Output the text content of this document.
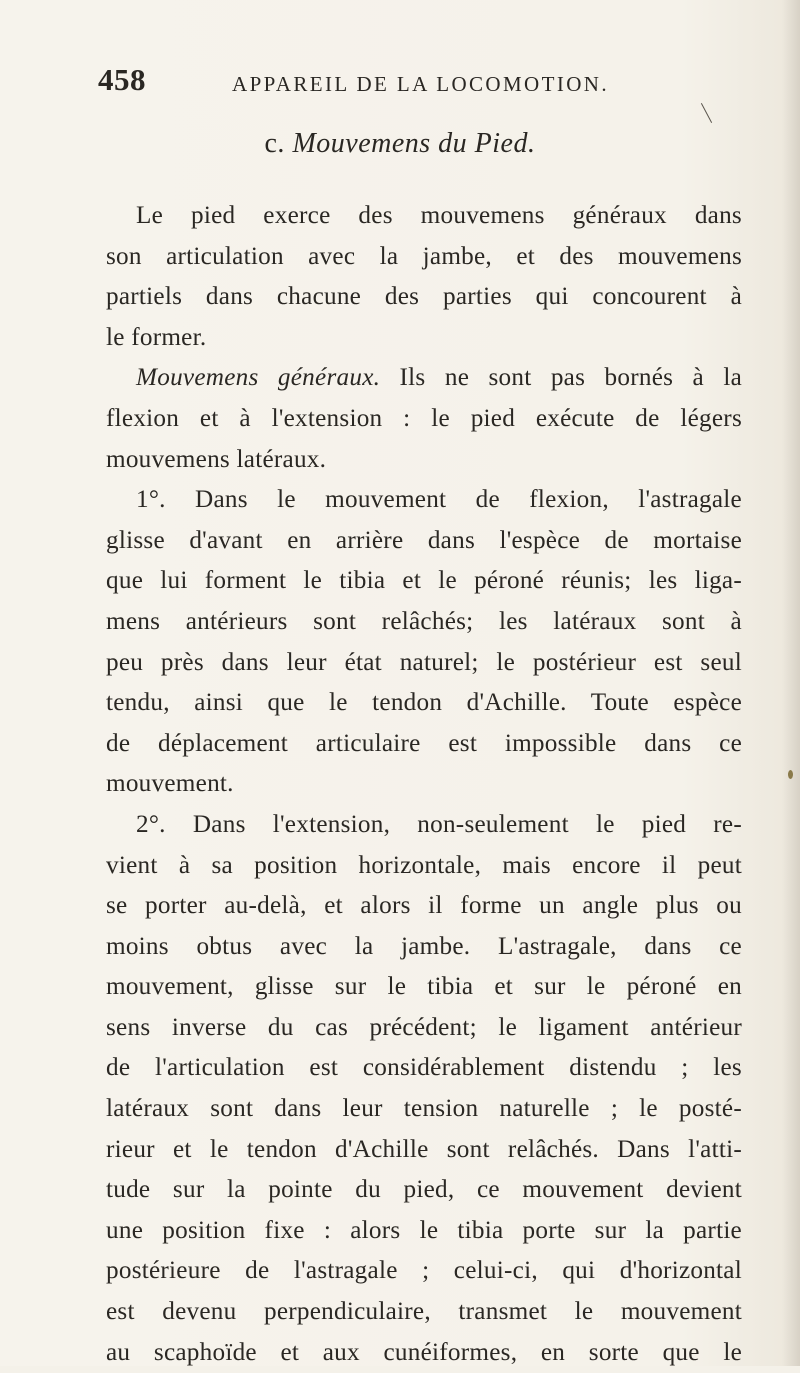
458	APPAREIL DE LA LOCOMOTION.
c. Mouvemens du Pied.
Le pied exerce des mouvemens généraux dans
son articulation avec la jambe, et des mouvemens
partiels dans chacune des parties qui concourent à
le former.
Mouvemens généraux. Ils ne sont pas bornés à la
flexion et à l'extension : le pied exécute de légers
mouvemens latéraux.
1°. Dans le mouvement de flexion, l'astragale
glisse d'avant en arrière dans l'espèce de mortaise
que lui forment le tibia et le péroné réunis; les liga-
mens antérieurs sont relâchés; les latéraux sont à
peu près dans leur état naturel; le postérieur est seul
tendu, ainsi que le tendon d'Achille. Toute espèce
de déplacement articulaire est impossible dans ce
mouvement.
2°. Dans l'extension, non-seulement le pied re-
vient à sa position horizontale, mais encore il peut
se porter au-delà, et alors il forme un angle plus ou
moins obtus avec la jambe. L'astragale, dans ce
mouvement, glisse sur le tibia et sur le péroné en
sens inverse du cas précédent; le ligament antérieur
de l'articulation est considérablement distendu ; les
latéraux sont dans leur tension naturelle ; le posté-
rieur et le tendon d'Achille sont relâchés. Dans l'atti-
tude sur la pointe du pied, ce mouvement devient
une position fixe : alors le tibia porte sur la partie
postérieure de l'astragale ; celui-ci, qui d'horizontal
est devenu perpendiculaire, transmet le mouvement
au scaphoïde et aux cunéiformes, en sorte que le
